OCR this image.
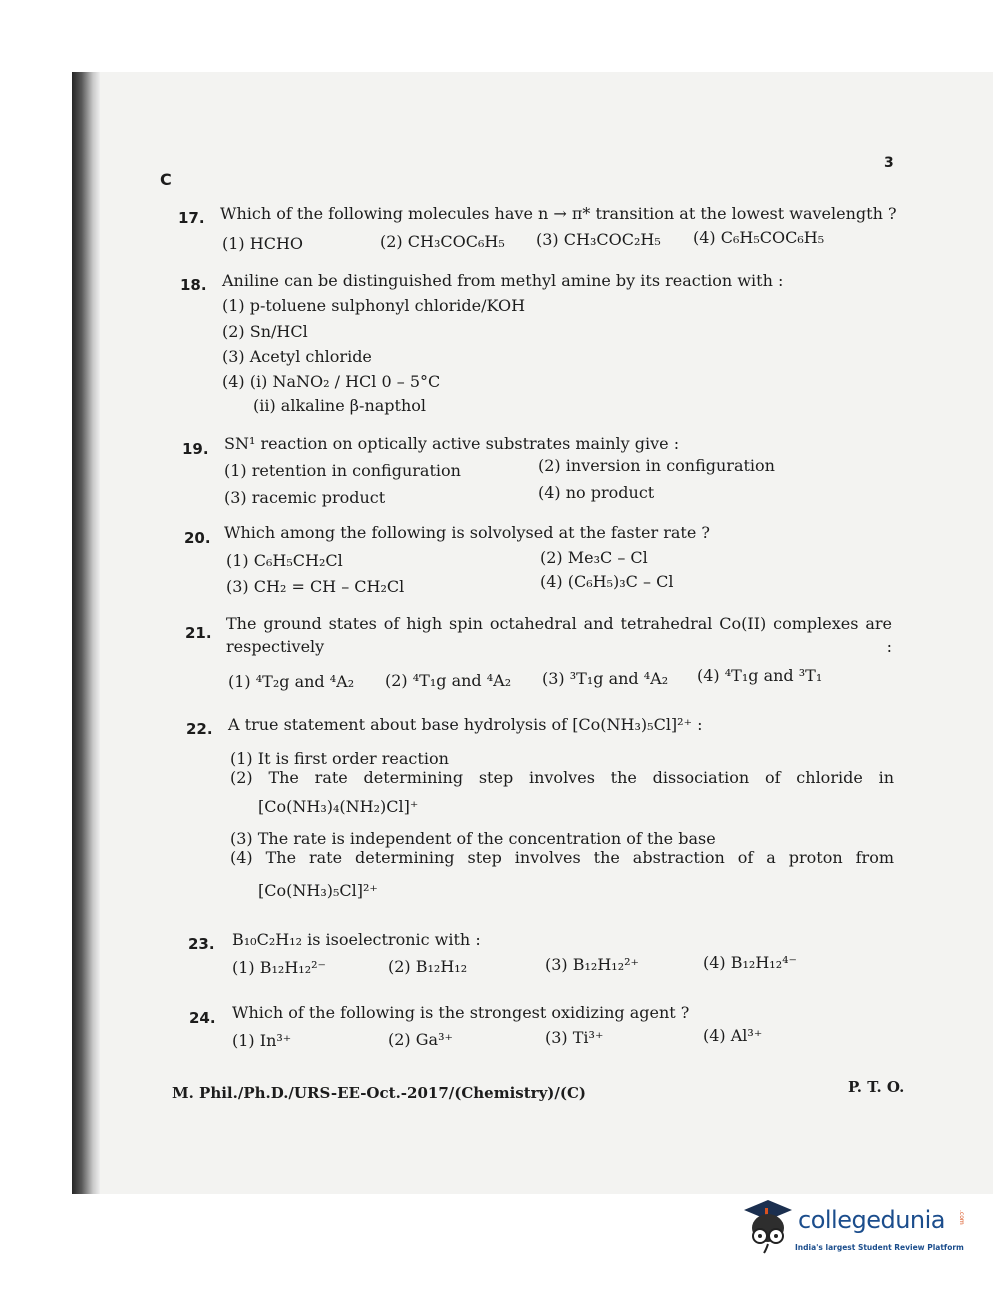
C
3
17. Which of the following molecules have n → π* transition at the lowest wavelength ?
(1) HCHO	(2) CH₃COC₆H₅ (3) CH₃COC₂H₅ (4) C₆H₅COC₆H₅
18. Aniline can be distinguished from methyl amine by its reaction with :
(1) p-toluene sulphonyl chloride/KOH
(2) Sn/HCl
(3) Acetyl chloride
(4) (i) NaNO₂ / HCl 0 – 5°C
(ii) alkaline β-napthol
19. SN¹ reaction on optically active substrates mainly give :
(1) retention in configuration	(2) inversion in configuration
(3) racemic product	(4) no product
20. Which among the following is solvolysed at the faster rate ?
(1) C₆H₅CH₂Cl	(2) Me₃C – Cl
(3) CH₂ = CH – CH₂Cl	(4) (C₆H₅)₃C – Cl
21. The ground states of high spin octahedral and tetrahedral Co(II) complexes are respectively :
(1) ⁴T₂g and ⁴A₂ (2) ⁴T₁g and ⁴A₂ (3) ³T₁g and ⁴A₂ (4) ⁴T₁g and ³T₁
22. A true statement about base hydrolysis of [Co(NH₃)₅Cl]²⁺ :
(1) It is first order reaction
(2) The rate determining step involves the dissociation of chloride in
[Co(NH₃)₄(NH₂)Cl]⁺
(3) The rate is independent of the concentration of the base
(4) The rate determining step involves the abstraction of a proton from
[Co(NH₃)₅Cl]²⁺
23. B₁₀C₂H₁₂ is isoelectronic with :
(1) B₁₂H₁₂²⁻	(2) B₁₂H₁₂	(3) B₁₂H₁₂²⁺	(4) B₁₂H₁₂⁴⁻
24. Which of the following is the strongest oxidizing agent ?
(1) In³⁺	(2) Ga³⁺	(3) Ti³⁺	(4) Al³⁺
M. Phil./Ph.D./URS-EE-Oct.-2017/(Chemistry)/(C)	P. T. O.
collegedunia .com
India's largest Student Review Platform
